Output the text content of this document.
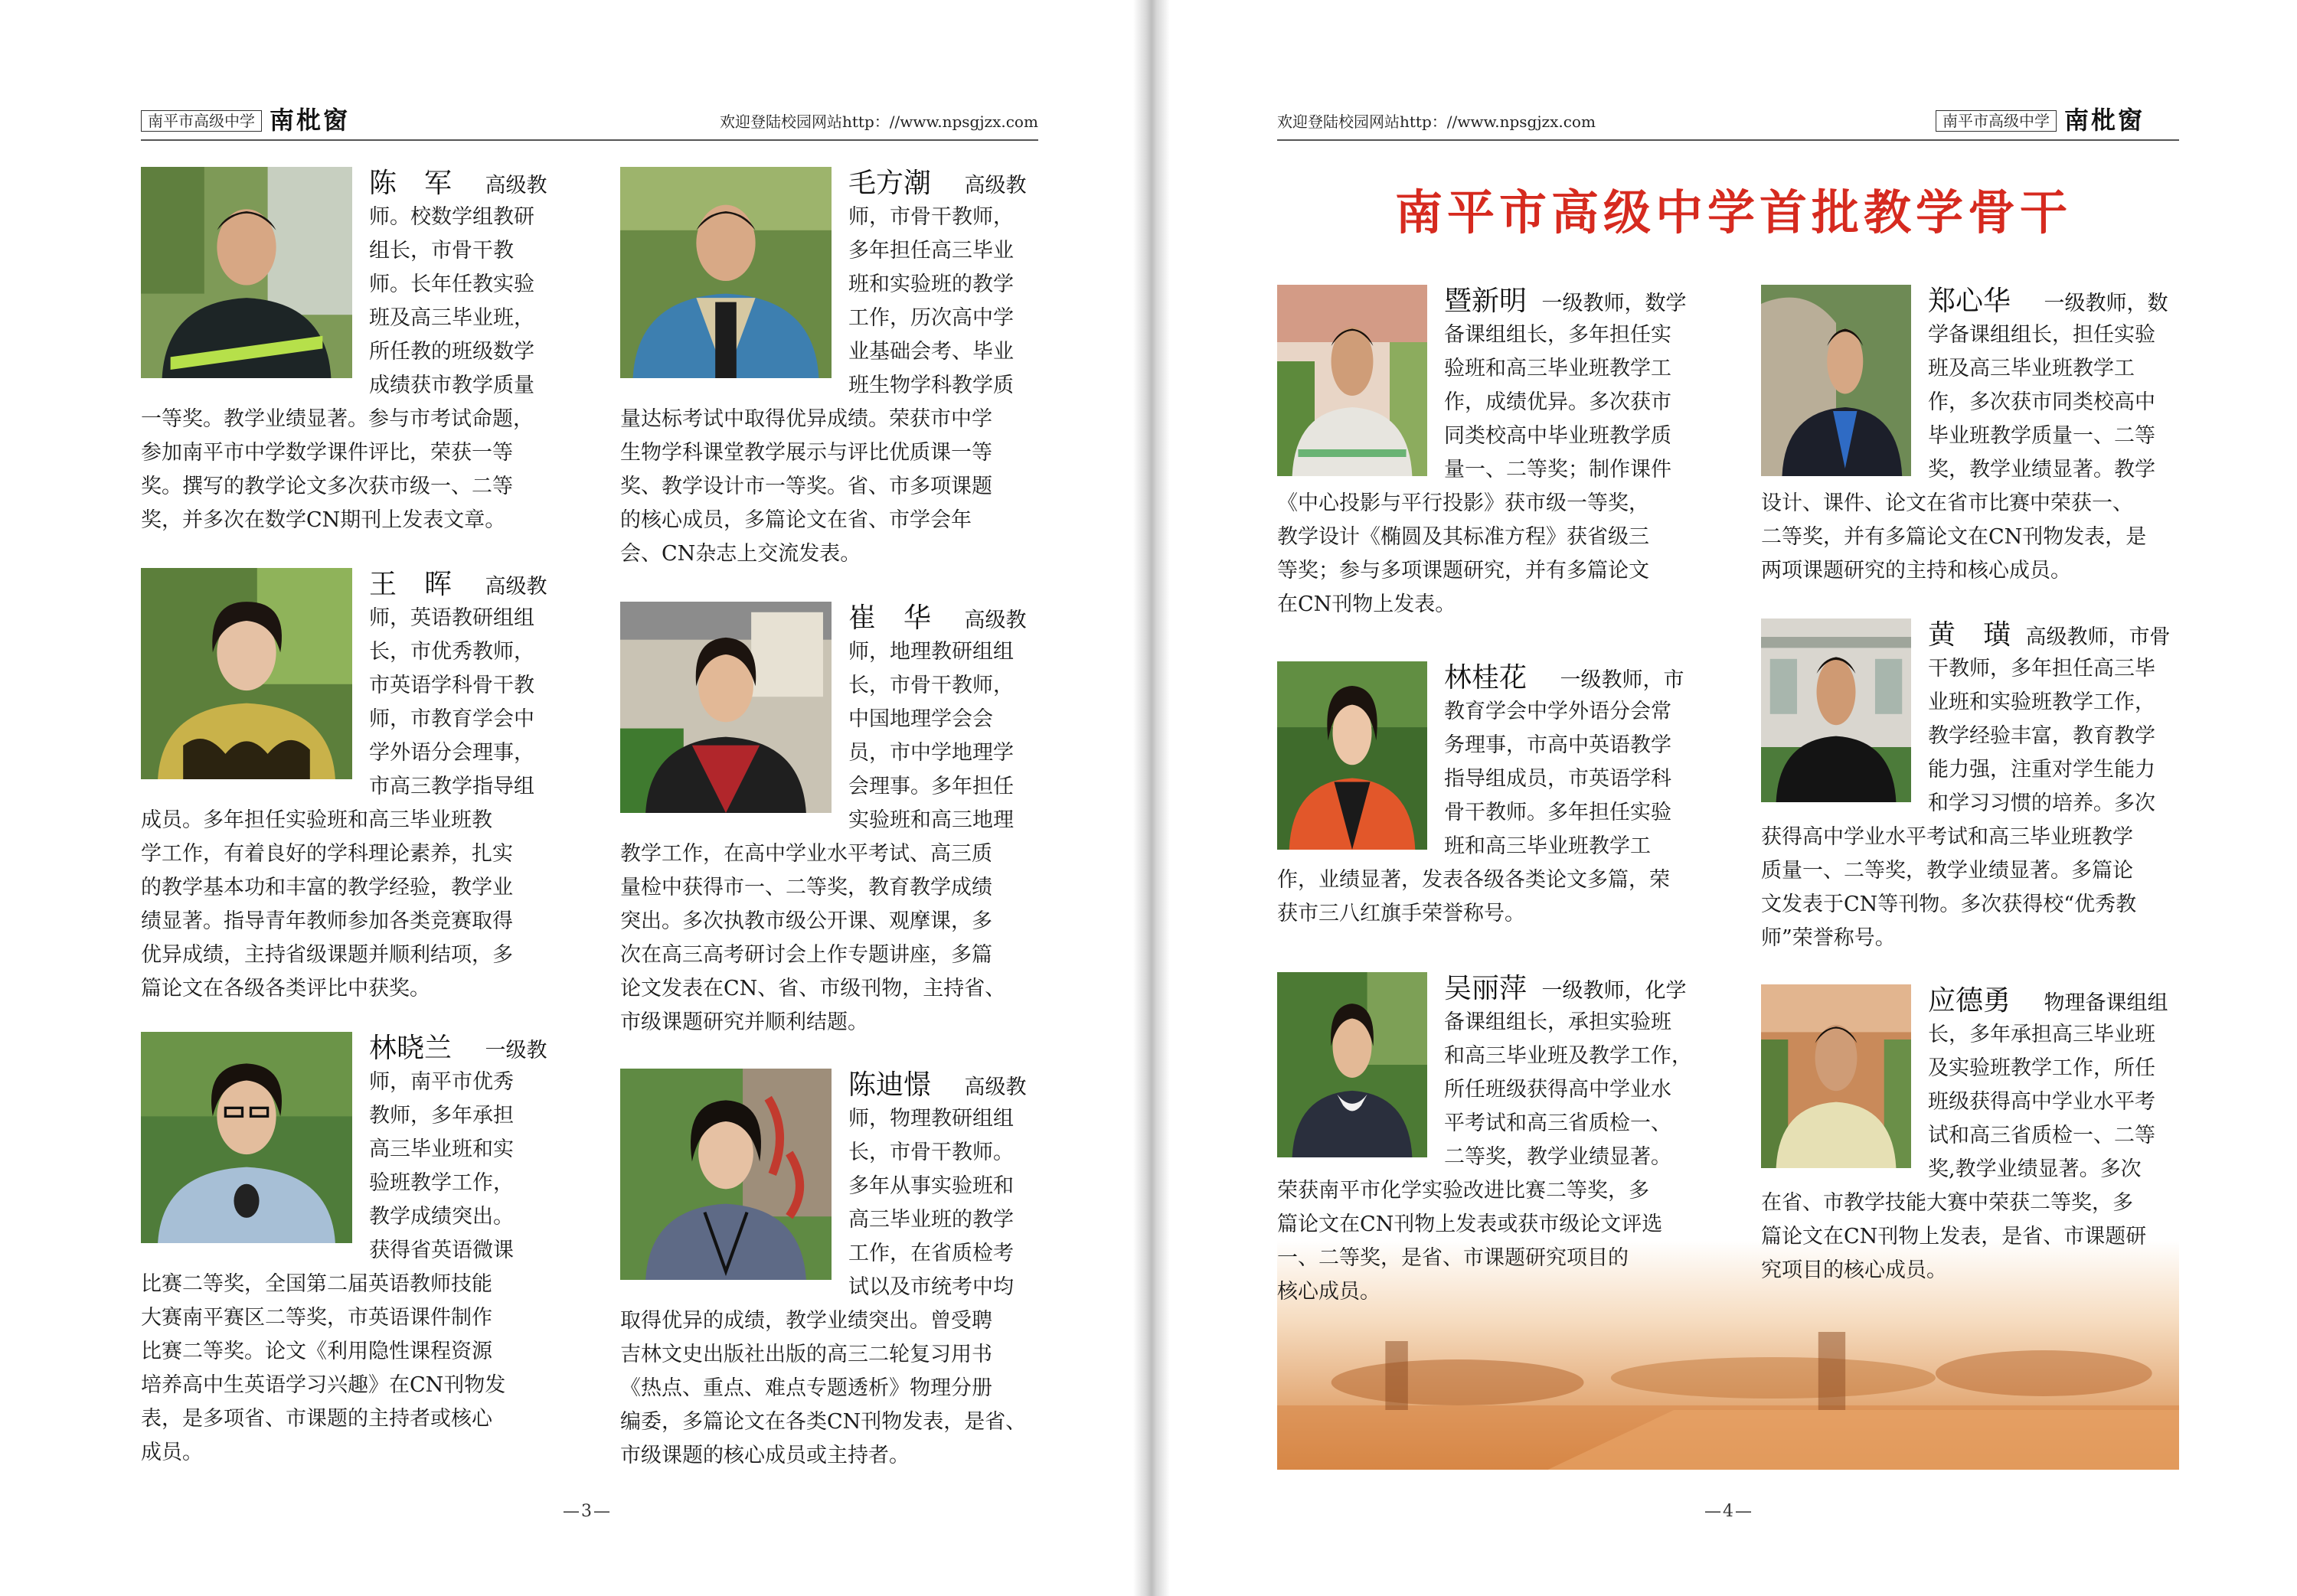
南平市高级中学 南枇窗	欢迎登陆校园网站http：//www.npsgjzx.com
陈　军 高级教
师。校数学组教研
组长，市骨干教
师。长年任教实验
班及高三毕业班，
所任教的班级数学
成绩获市教学质量
一等奖。教学业绩显著。参与市考试命题，
参加南平市中学数学课件评比，荣获一等
奖。撰写的教学论文多次获市级一、二等
奖，并多次在数学CN期刊上发表文章。
王　晖 高级教
师，英语教研组组
长，市优秀教师，
市英语学科骨干教
师，市教育学会中
学外语分会理事，
市高三教学指导组
成员。多年担任实验班和高三毕业班教
学工作，有着良好的学科理论素养，扎实
的教学基本功和丰富的教学经验，教学业
绩显著。指导青年教师参加各类竞赛取得
优异成绩，主持省级课题并顺利结项，多
篇论文在各级各类评比中获奖。
林晓兰 一级教
师，南平市优秀
教师，多年承担
高三毕业班和实
验班教学工作，
教学成绩突出。
获得省英语微课
比赛二等奖，全国第二届英语教师技能
大赛南平赛区二等奖，市英语课件制作
比赛二等奖。论文《利用隐性课程资源
培养高中生英语学习兴趣》在CN刊物发
表，是多项省、市课题的主持者或核心
成员。
毛方潮 高级教
师，市骨干教师，
多年担任高三毕业
班和实验班的教学
工作，历次高中学
业基础会考、毕业
班生物学科教学质
量达标考试中取得优异成绩。荣获市中学
生物学科课堂教学展示与评比优质课一等
奖、教学设计市一等奖。省、市多项课题
的核心成员，多篇论文在省、市学会年
会、CN杂志上交流发表。
崔　华 高级教
师，地理教研组组
长，市骨干教师，
中国地理学会会
员，市中学地理学
会理事。多年担任
实验班和高三地理
教学工作，在高中学业水平考试、高三质
量检中获得市一、二等奖，教育教学成绩
突出。多次执教市级公开课、观摩课，多
次在高三高考研讨会上作专题讲座，多篇
论文发表在CN、省、市级刊物，主持省、
市级课题研究并顺利结题。
陈迪憬 高级教
师，物理教研组组
长，市骨干教师。
多年从事实验班和
高三毕业班的教学
工作，在省质检考
试以及市统考中均
取得优异的成绩，教学业绩突出。曾受聘
吉林文史出版社出版的高三二轮复习用书
《热点、重点、难点专题透析》物理分册
编委，多篇论文在各类CN刊物发表，是省、
市级课题的核心成员或主持者。
—3—
欢迎登陆校园网站http：//www.npsgjzx.com	南平市高级中学 南枇窗
南平市高级中学首批教学骨干
暨新明 一级教师，数学
备课组组长，多年担任实
验班和高三毕业班教学工
作，成绩优异。多次获市
同类校高中毕业班教学质
量一、二等奖；制作课件
《中心投影与平行投影》获市级一等奖，
教学设计《椭圆及其标准方程》获省级三
等奖；参与多项课题研究，并有多篇论文
在CN刊物上发表。
林桂花 一级教师，市
教育学会中学外语分会常
务理事，市高中英语教学
指导组成员，市英语学科
骨干教师。多年担任实验
班和高三毕业班教学工
作，业绩显著，发表各级各类论文多篇，荣
获市三八红旗手荣誉称号。
吴丽萍 一级教师，化学
备课组组长，承担实验班
和高三毕业班及教学工作，
所任班级获得高中学业水
平考试和高三省质检一、
二等奖，教学业绩显著。
荣获南平市化学实验改进比赛二等奖，多
篇论文在CN刊物上发表或获市级论文评选
一、二等奖，是省、市课题研究项目的
核心成员。
郑心华 一级教师，数
学备课组组长，担任实验
班及高三毕业班教学工
作，多次获市同类校高中
毕业班教学质量一、二等
奖，教学业绩显著。教学
设计、课件、论文在省市比赛中荣获一、
二等奖，并有多篇论文在CN刊物发表，是
两项课题研究的主持和核心成员。
黄　璜 高级教师，市骨
干教师，多年担任高三毕
业班和实验班教学工作，
教学经验丰富，教育教学
能力强，注重对学生能力
和学习习惯的培养。多次
获得高中学业水平考试和高三毕业班教学
质量一、二等奖，教学业绩显著。多篇论
文发表于CN等刊物。多次获得校“优秀教
师”荣誉称号。
应德勇 物理备课组组
长，多年承担高三毕业班
及实验班教学工作，所任
班级获得高中学业水平考
试和高三省质检一、二等
奖,教学业绩显著。多次
在省、市教学技能大赛中荣获二等奖，多
篇论文在CN刊物上发表，是省、市课题研
究项目的核心成员。
—4—
